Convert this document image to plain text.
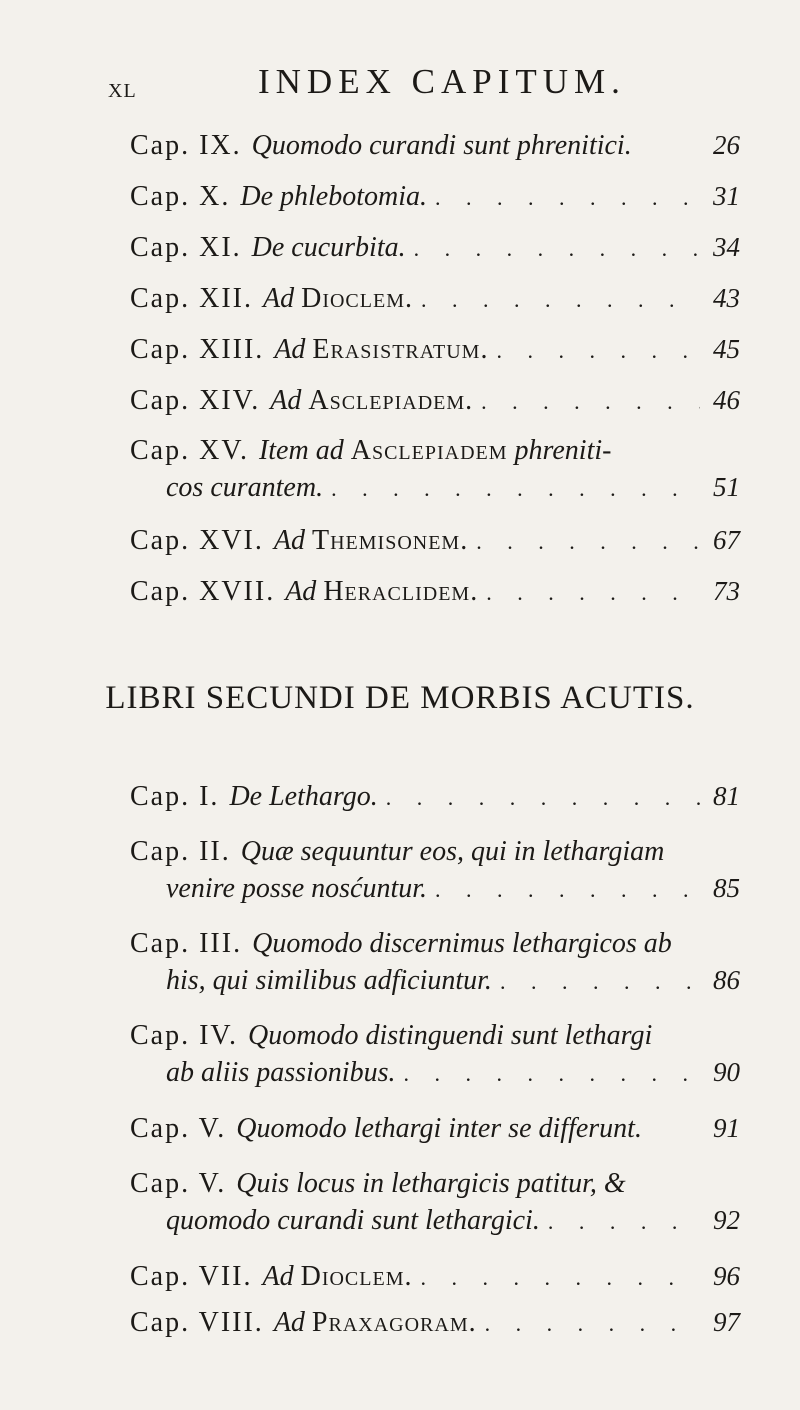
XL	INDEX CAPITUM.
Cap. IX. Quomodo curandi sunt phrenitici.	26
Cap. X. De phlebotomia. . . .	31
Cap. XI. De cucurbita. . . .	34
Cap. XII. Ad Dioclem. . . .	43
Cap. XIII. Ad Erasistratum. . . .	45
Cap. XIV. Ad Asclepiadem. . . .	46
Cap. XV. Item ad Asclepiadem phreniti-
cos curantem. . . .	51
Cap. XVI. Ad Themisonem. . . .	67
Cap. XVII. Ad Heraclidem. . . .	73
LIBRI SECUNDI DE MORBIS ACUTIS.
Cap. I. De Lethargo. . . .	81
Cap. II. Quæ sequuntur eos, qui in lethargiam
venire posse nosćuntur. . . .	85
Cap. III. Quomodo discernimus lethargicos ab
his, qui similibus adficiuntur. . . .	86
Cap. IV. Quomodo distinguendi sunt lethargi
ab aliis passionibus. . . .	90
Cap. V. Quomodo lethargi inter se differunt.	91
Cap. V. Quis locus in lethargicis patitur, &
quomodo curandi sunt lethargici. . . .	92
Cap. VII. Ad Dioclem. . . .	96
Cap. VIII. Ad Praxagoram. . . .	97
